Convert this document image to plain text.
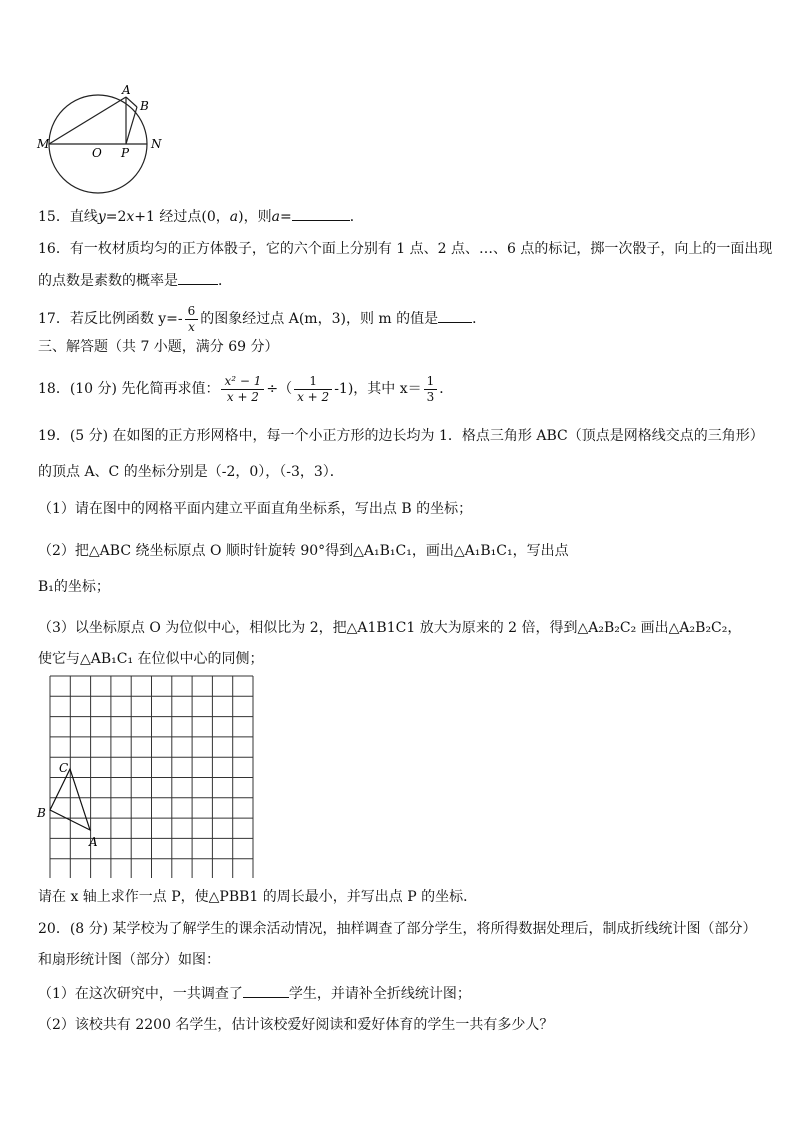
M
O P
N
A
B
15．直线y=2x+1 经过点(0，a)，则a=	．
16．有一枚材质均匀的正方体骰子，它的六个面上分别有 1 点、2 点、…、6 点的标记，掷一次骰子，向上的一面出现
的点数是素数的概率是	．
17．若反比例函数 $y=- \frac{6}{x}$ 的图象经过点 A(m，3)，则 m 的值是 ．
三、解答题（共 7 小题，满分 69 分）
18．(10 分) 先化简再求值： $\frac{\text{x² − 1}}{x + 2}$ ÷（ $\frac{1}{x + 2} -1$)，其中 $x= \frac{1}{3}$ ．
19．(5 分) 在如图的正方形网格中，每一个小正方形的边长均为 1．格点三角形 ABC（顶点是网格线交点的三角形）
的顶点 A、C 的坐标分别是（-2，0），（-3，3）．
（1）请在图中的网格平面内建立平面直角坐标系，写出点 B 的坐标；
（2）把△ABC 绕坐标原点 O 顺时针旋转 90°得到△A₁B₁C₁，画出△A₁B₁C₁，写出点
B₁的坐标；
（3）以坐标原点 O 为位似中心，相似比为 2，把△A1B1C1 放大为原来的 2 倍，得到△A₂B₂C₂ 画出△A₂B₂C₂，
使它与△AB₁C₁ 在位似中心的同侧；
C
B
A
请在 x 轴上求作一点 P，使△PBB1 的周长最小，并写出点 P 的坐标．
20．(8 分) 某学校为了解学生的课余活动情况，抽样调查了部分学生，将所得数据处理后，制成折线统计图（部分）
和扇形统计图（部分）如图：
（1）在这次研究中，一共调查了	学生，并请补全折线统计图；
（2）该校共有 2200 名学生，估计该校爱好阅读和爱好体育的学生一共有多少人？
